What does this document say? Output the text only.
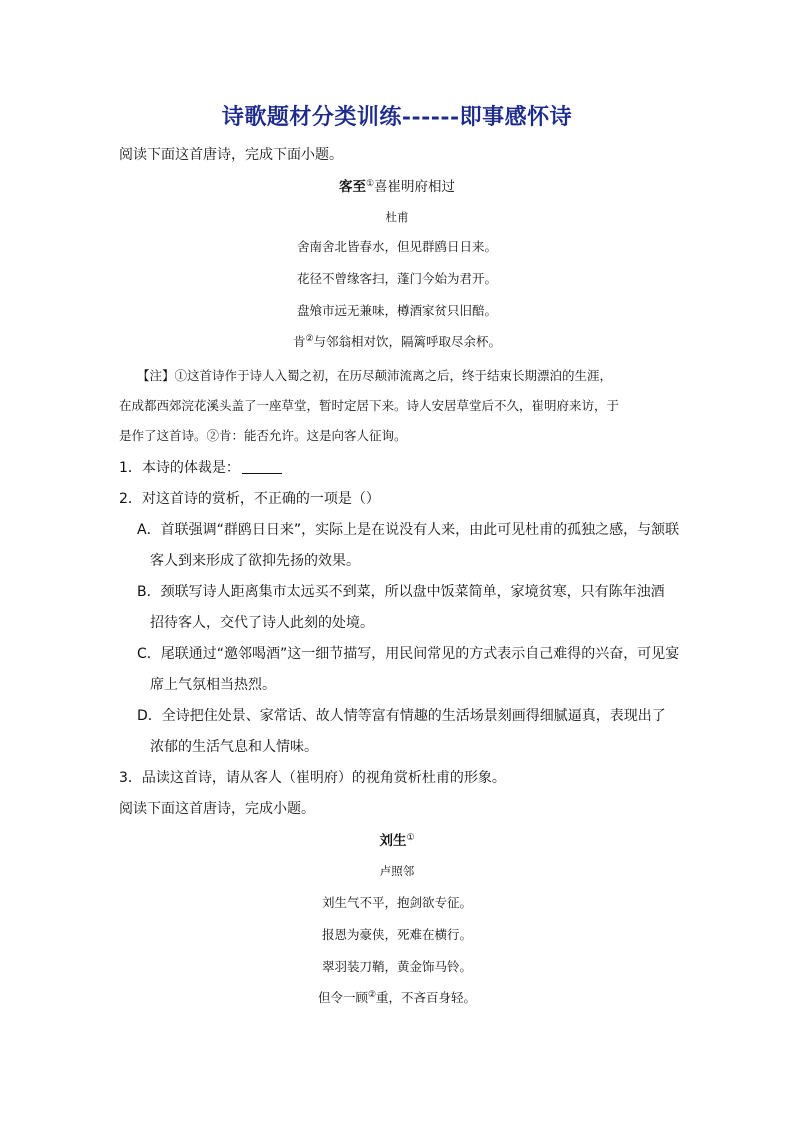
诗歌题材分类训练------即事感怀诗
阅读下面这首唐诗，完成下面小题。
客至①喜崔明府相过
杜甫
舍南舍北皆春水，但见群鸥日日来。
花径不曾缘客扫，蓬门今始为君开。
盘飧市远无兼味，樽酒家贫只旧醅。
肯②与邻翁相对饮，隔篱呼取尽余杯。
【注】①这首诗作于诗人入蜀之初，在历尽颠沛流离之后，终于结束长期漂泊的生涯，
在成都西郊浣花溪头盖了一座草堂，暂时定居下来。诗人安居草堂后不久，崔明府来访，于
是作了这首诗。②肯：能否允许。这是向客人征询。
1．本诗的体裁是：
2．对这首诗的赏析，不正确的一项是（）
A．首联强调“群鸥日日来”，实际上是在说没有人来，由此可见杜甫的孤独之感，与颔联
客人到来形成了欲抑先扬的效果。
B．颈联写诗人距离集市太远买不到菜，所以盘中饭菜简单，家境贫寒，只有陈年浊酒
招待客人，交代了诗人此刻的处境。
C．尾联通过“邀邻喝酒”这一细节描写，用民间常见的方式表示自己难得的兴奋，可见宴
席上气氛相当热烈。
D．全诗把住处景、家常话、故人情等富有情趣的生活场景刻画得细腻逼真，表现出了
浓郁的生活气息和人情味。
3．品读这首诗，请从客人（崔明府）的视角赏析杜甫的形象。
阅读下面这首唐诗，完成小题。
刘生①
卢照邻
刘生气不平，抱剑欲专征。
报恩为豪侠，死难在横行。
翠羽装刀鞘，黄金饰马铃。
但令一顾②重，不吝百身轻。
